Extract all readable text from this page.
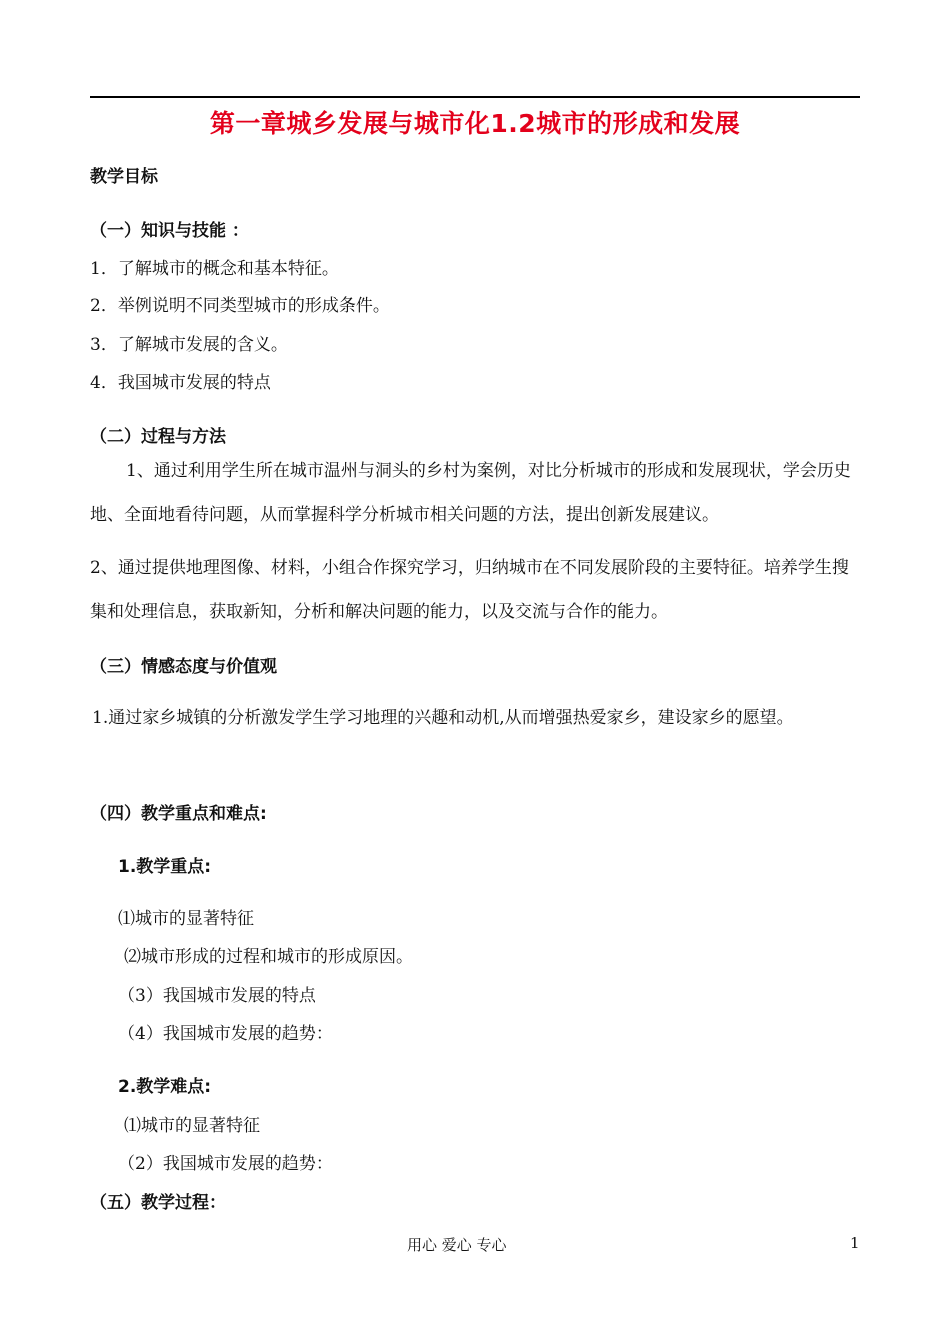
第一章城乡发展与城市化1.2城市的形成和发展
教学目标
（一）知识与技能 ：
1．了解城市的概念和基本特征。
2．举例说明不同类型城市的形成条件。
3．了解城市发展的含义。
4．我国城市发展的特点
（二）过程与方法
1、通过利用学生所在城市温州与洞头的乡村为案例，对比分析城市的形成和发展现状，学会历史地、全面地看待问题，从而掌握科学分析城市相关问题的方法，提出创新发展建议。
2、通过提供地理图像、材料，小组合作探究学习，归纳城市在不同发展阶段的主要特征。培养学生搜集和处理信息，获取新知，分析和解决问题的能力，以及交流与合作的能力。
（三）情感态度与价值观
1.通过家乡城镇的分析激发学生学习地理的兴趣和动机,从而增强热爱家乡，建设家乡的愿望。
（四）教学重点和难点:
1.教学重点:
⑴城市的显著特征
⑵城市形成的过程和城市的形成原因。
（3）我国城市发展的特点
（4）我国城市发展的趋势：
2.教学难点:
⑴城市的显著特征
（2）我国城市发展的趋势：
（五）教学过程：
用心 爱心 专心	1
